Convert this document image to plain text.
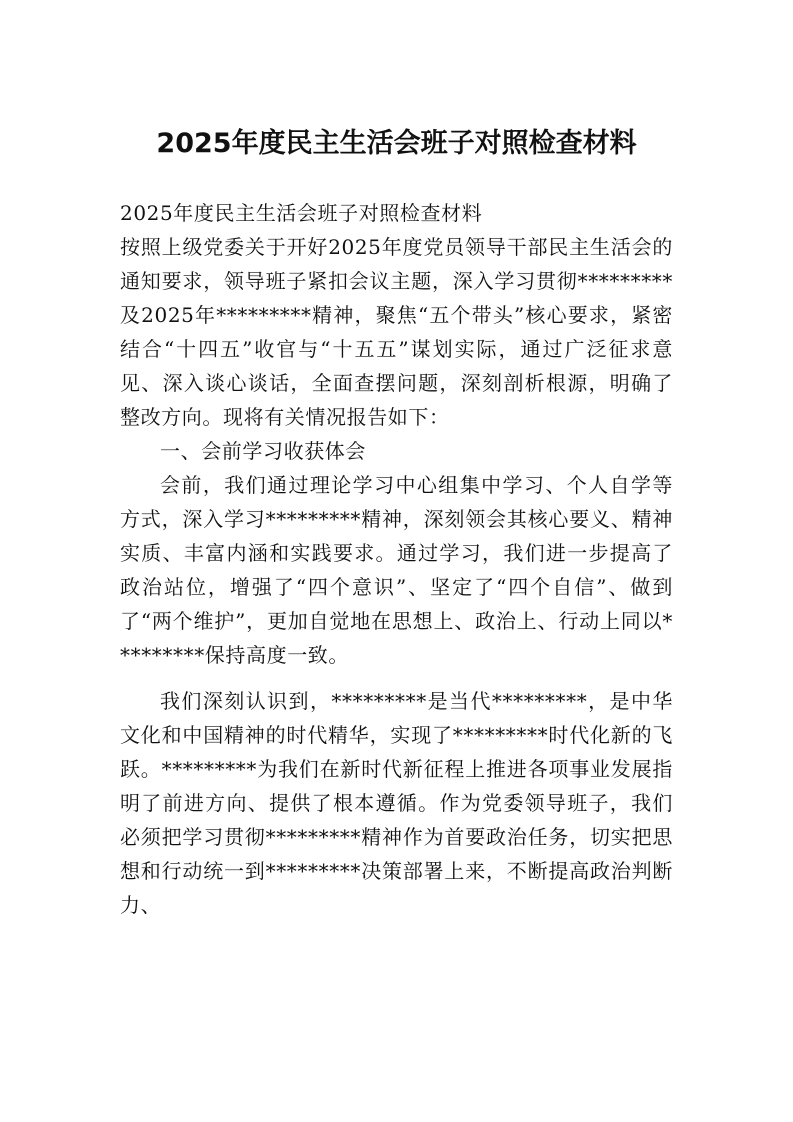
2025年度民主生活会班子对照检查材料

2025年度民主生活会班子对照检查材料

按照上级党委关于开好2025年度党员领导干部民主生活会的通知要求，领导班子紧扣会议主题，深入学习贯彻*********及2025年*********精神，聚焦“五个带头”核心要求，紧密结合“十四五”收官与“十五五”谋划实际，通过广泛征求意见、深入谈心谈话，全面查摆问题，深刻剖析根源，明确了整改方向。现将有关情况报告如下：

一、会前学习收获体会

会前，我们通过理论学习中心组集中学习、个人自学等方式，深入学习*********精神，深刻领会其核心要义、精神实质、丰富内涵和实践要求。通过学习，我们进一步提高了政治站位，增强了“四个意识”、坚定了“四个自信”、做到了“两个维护”，更加自觉地在思想上、政治上、行动上同以*********保持高度一致。

我们深刻认识到，*********是当代*********，是中华文化和中国精神的时代精华，实现了*********时代化新的飞跃。*********为我们在新时代新征程上推进各项事业发展指明了前进方向、提供了根本遵循。作为党委领导班子，我们必须把学习贯彻*********精神作为首要政治任务，切实把思想和行动统一到*********决策部署上来，不断提高政治判断力、
